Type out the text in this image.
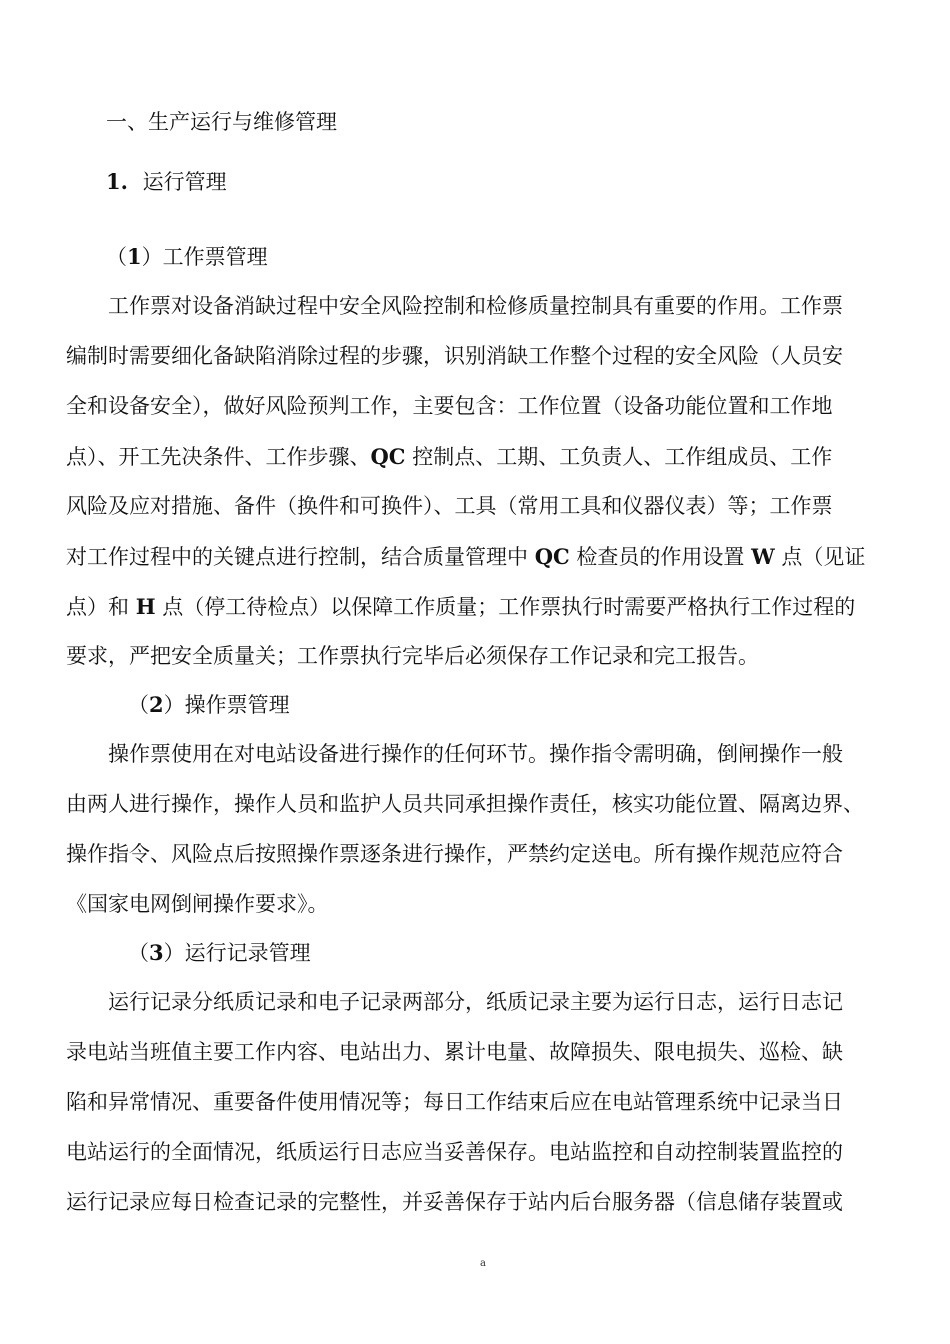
一、生产运行与维修管理
1. 运行管理
（1）工作票管理
工作票对设备消缺过程中安全风险控制和检修质量控制具有重要的作用。工作票
编制时需要细化备缺陷消除过程的步骤，识别消缺工作整个过程的安全风险（人员安
全和设备安全），做好风险预判工作，主要包含：工作位置（设备功能位置和工作地
点）、开工先决条件、工作步骤、QC 控制点、工期、工负责人、工作组成员、工作
风险及应对措施、备件（换件和可换件）、工具（常用工具和仪器仪表）等；工作票
对工作过程中的关键点进行控制，结合质量管理中 QC 检查员的作用设置 W 点（见证
点）和 H 点（停工待检点）以保障工作质量；工作票执行时需要严格执行工作过程的
要求，严把安全质量关；工作票执行完毕后必须保存工作记录和完工报告。
（2）操作票管理
操作票使用在对电站设备进行操作的任何环节。操作指令需明确，倒闸操作一般
由两人进行操作，操作人员和监护人员共同承担操作责任，核实功能位置、隔离边界、
操作指令、风险点后按照操作票逐条进行操作，严禁约定送电。所有操作规范应符合
《国家电网倒闸操作要求》。
（3）运行记录管理
运行记录分纸质记录和电子记录两部分，纸质记录主要为运行日志，运行日志记
录电站当班值主要工作内容、电站出力、累计电量、故障损失、限电损失、巡检、缺
陷和异常情况、重要备件使用情况等；每日工作结束后应在电站管理系统中记录当日
电站运行的全面情况，纸质运行日志应当妥善保存。电站监控和自动控制装置监控的
运行记录应每日检查记录的完整性，并妥善保存于站内后台服务器（信息储存装置或
a
